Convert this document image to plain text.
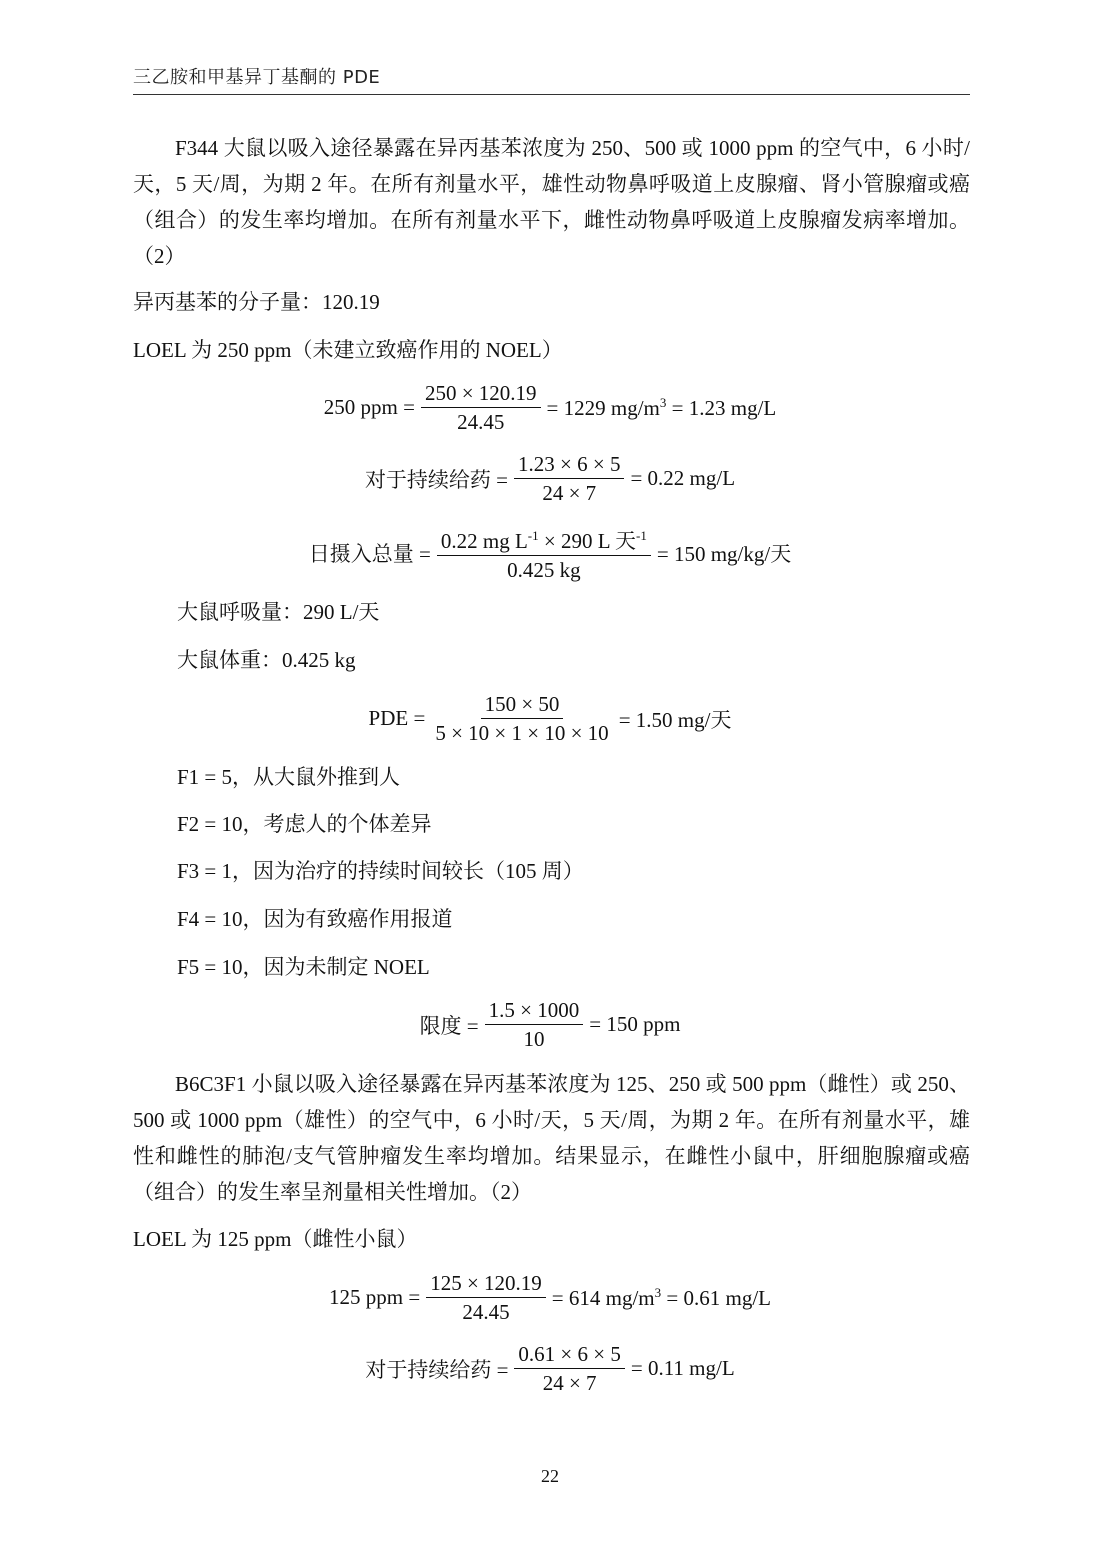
三乙胺和甲基异丁基酮的 PDE

F344 大鼠以吸入途径暴露在异丙基苯浓度为 250、500 或 1000 ppm 的空气中，6 小时/天，5 天/周，为期 2 年。在所有剂量水平，雄性动物鼻呼吸道上皮腺瘤、肾小管腺瘤或癌（组合）的发生率均增加。在所有剂量水平下，雌性动物鼻呼吸道上皮腺瘤发病率增加。（2）

异丙基苯的分子量：120.19

LOEL 为 250 ppm（未建立致癌作用的 NOEL）

250 ppm = $\frac{250 \times 120.19}{24.45} = 1229$ $mg/m^3 = 1.23$ mg/L
对于持续给药 = $\frac{1.23 \times 6 \times 5}{24 \times 7} = 0.22$ mg/L
日摄入总量 = $\frac{0.22 mg L^{-1} \times 290 L 天^{-1}}{0.425 kg} = 150$ mg/kg/天

大鼠呼吸量：290 L/天

大鼠体重：0.425 kg

PDE = $\frac{150 \times 50}{5 \times 10 \times 1 \times 10 \times 10} = 1.50$ mg/天

F1 = 5，从大鼠外推到人

F2 = 10，考虑人的个体差异

F3 = 1，因为治疗的持续时间较长（105 周）

F4 = 10，因为有致癌作用报道

F5 = 10，因为未制定 NOEL

限度 = $\frac{1.5 \times 1000}{10} = 150$ ppm

B6C3F1 小鼠以吸入途径暴露在异丙基苯浓度为 125、250 或 500 ppm（雌性）或 250、500 或 1000 ppm（雄性）的空气中，6 小时/天，5 天/周，为期 2 年。在所有剂量水平，雄性和雌性的肺泡/支气管肿瘤发生率均增加。结果显示，在雌性小鼠中，肝细胞腺瘤或癌（组合）的发生率呈剂量相关性增加。（2）

LOEL 为 125 ppm（雌性小鼠）

125 ppm = $\frac{125 \times 120.19}{24.45} = 614$ $mg/m^3 = 0.61$ mg/L
对于持续给药 = $\frac{0.61 \times 6 \times 5}{24 \times 7} = 0.11$ mg/L
22
